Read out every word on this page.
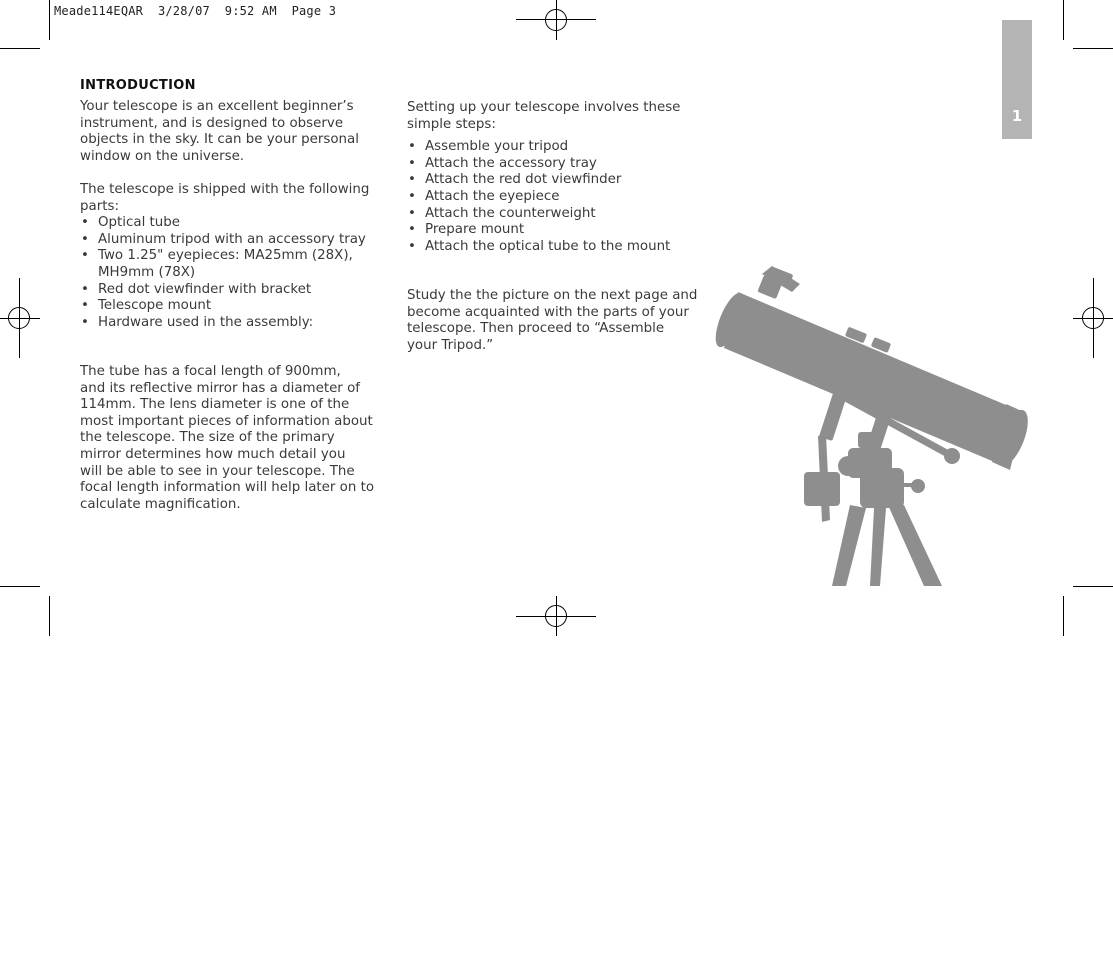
Meade114EQAR  3/28/07  9:52 AM  Page 3
1
INTRODUCTION

Your telescope is an excellent beginner’s

instrument, and is designed to observe

objects in the sky. It can be your personal

window on the universe.

The telescope is shipped with the following

parts:

• Optical tube
• Aluminum tripod with an accessory tray
• Two 1.25" eyepieces: MA25mm (28X),
MH9mm (78X)
• Red dot viewfinder with bracket
• Telescope mount
• Hardware used in the assembly:

The tube has a focal length of 900mm,

and its reflective mirror has a diameter of

114mm. The lens diameter is one of the

most important pieces of information about

the telescope. The size of the primary

mirror determines how much detail you

will be able to see in your telescope. The

focal length information will help later on to

calculate magnification.

Setting up your telescope involves these

simple steps:

• Assemble your tripod
• Attach the accessory tray
• Attach the red dot viewfinder
• Attach the eyepiece
• Attach the counterweight
• Prepare mount
• Attach the optical tube to the mount

Study the the picture on the next page and

become acquainted with the parts of your

telescope. Then proceed to “Assemble

your Tripod.”
